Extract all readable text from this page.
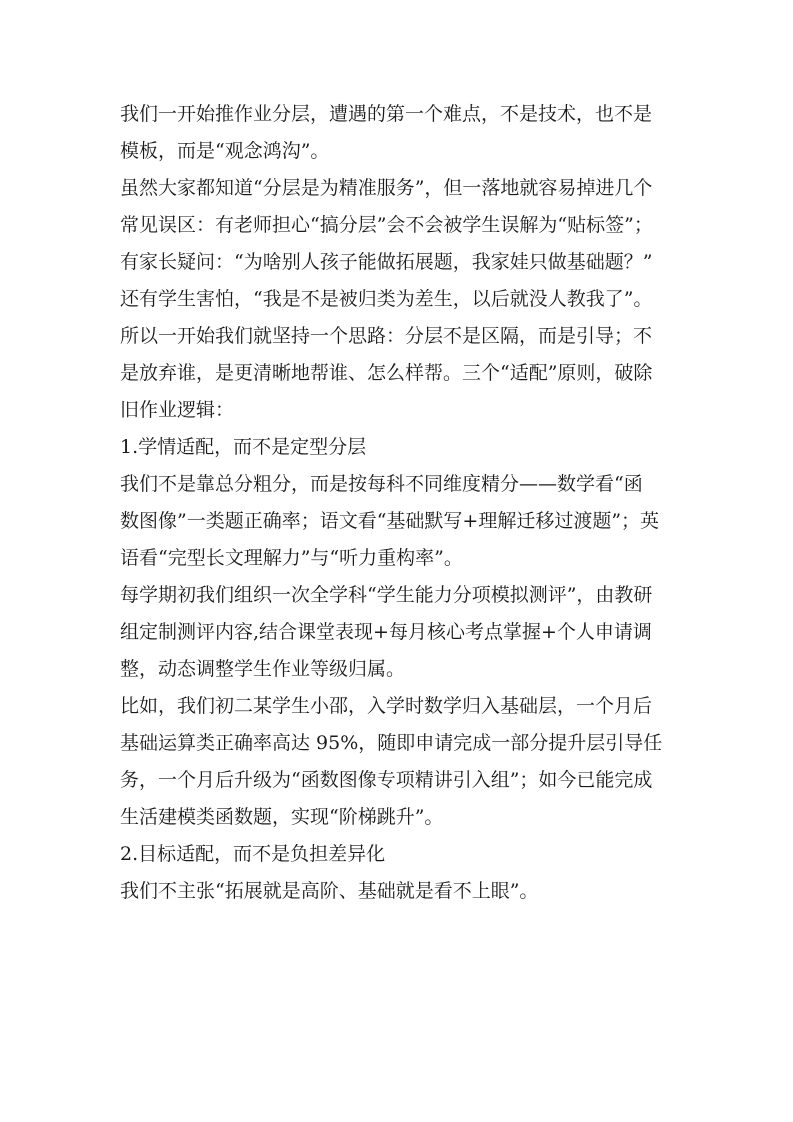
我们一开始推作业分层，遭遇的第一个难点，不是技术，也不是
模板，而是“观念鸿沟”。
虽然大家都知道“分层是为精准服务”，但一落地就容易掉进几个
常见误区：有老师担心“搞分层”会不会被学生误解为“贴标签”；
有家长疑问：“为啥别人孩子能做拓展题，我家娃只做基础题？”
还有学生害怕，“我是不是被归类为差生，以后就没人教我了”。
所以一开始我们就坚持一个思路：分层不是区隔，而是引导；不
是放弃谁，是更清晰地帮谁、怎么样帮。三个“适配”原则，破除
旧作业逻辑：
1.学情适配，而不是定型分层
我们不是靠总分粗分，而是按每科不同维度精分——数学看“函
数图像”一类题正确率；语文看“基础默写+理解迁移过渡题”；英
语看“完型长文理解力”与“听力重构率”。
每学期初我们组织一次全学科“学生能力分项模拟测评”，由教研
组定制测评内容,结合课堂表现+每月核心考点掌握+个人申请调
整，动态调整学生作业等级归属。
比如，我们初二某学生小邵，入学时数学归入基础层，一个月后
基础运算类正确率高达 95%，随即申请完成一部分提升层引导任
务，一个月后升级为“函数图像专项精讲引入组”；如今已能完成
生活建模类函数题，实现“阶梯跳升”。
2.目标适配，而不是负担差异化
我们不主张“拓展就是高阶、基础就是看不上眼”。
